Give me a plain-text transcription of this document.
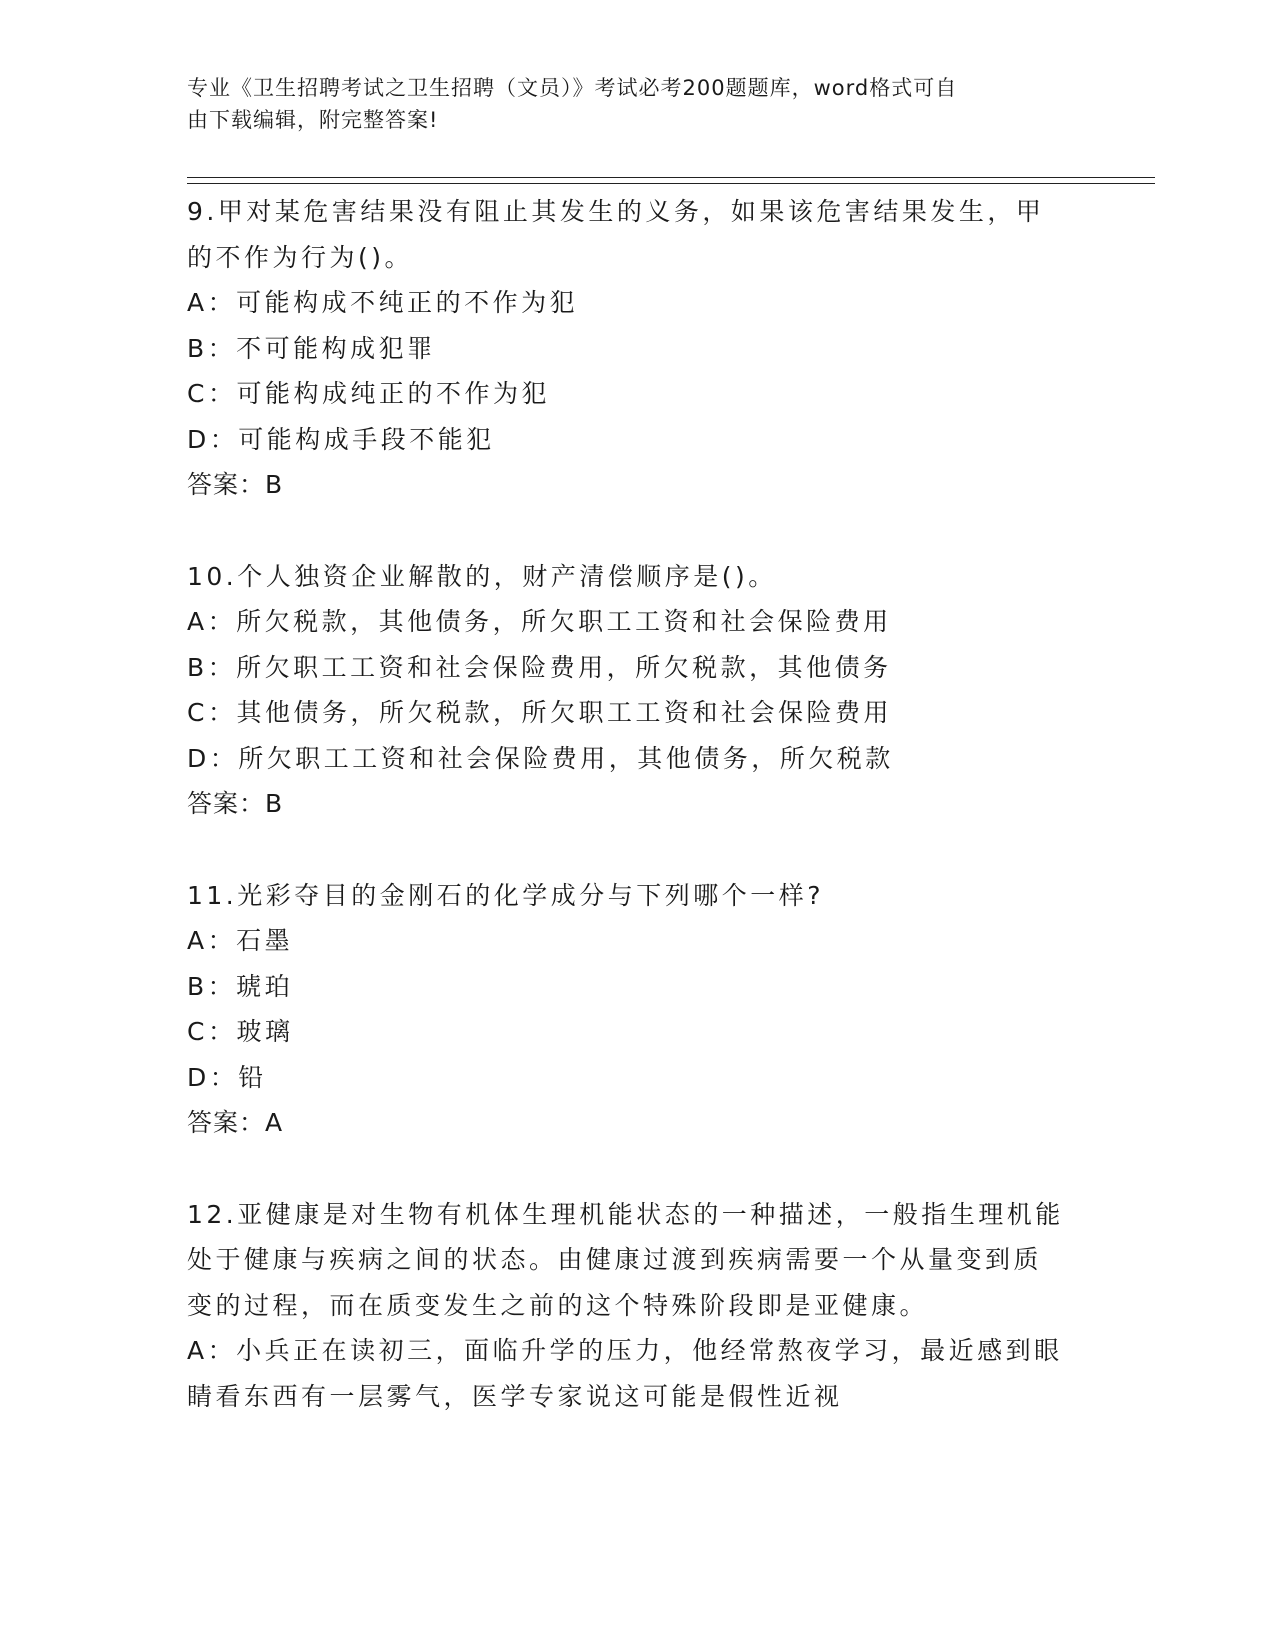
专业《卫生招聘考试之卫生招聘（文员）》考试必考200题题库，word格式可自

由下载编辑，附完整答案!

9.甲对某危害结果没有阻止其发生的义务，如果该危害结果发生，甲

的不作为行为()。

A：可能构成不纯正的不作为犯

B：不可能构成犯罪

C：可能构成纯正的不作为犯

D：可能构成手段不能犯

答案：B

10.个人独资企业解散的，财产清偿顺序是()。

A：所欠税款，其他债务，所欠职工工资和社会保险费用

B：所欠职工工资和社会保险费用，所欠税款，其他债务

C：其他债务，所欠税款，所欠职工工资和社会保险费用

D：所欠职工工资和社会保险费用，其他债务，所欠税款

答案：B

11.光彩夺目的金刚石的化学成分与下列哪个一样?

A：石墨

B：琥珀

C：玻璃

D：铅

答案：A

12.亚健康是对生物有机体生理机能状态的一种描述，一般指生理机能

处于健康与疾病之间的状态。由健康过渡到疾病需要一个从量变到质

变的过程，而在质变发生之前的这个特殊阶段即是亚健康。

A：小兵正在读初三，面临升学的压力，他经常熬夜学习，最近感到眼

睛看东西有一层雾气，医学专家说这可能是假性近视
